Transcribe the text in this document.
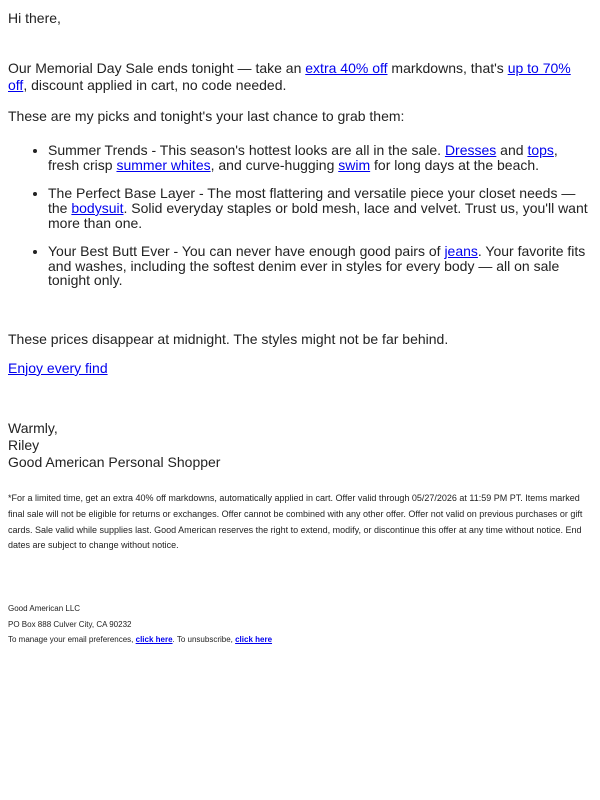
Hi there,

Our Memorial Day Sale ends tonight — take an extra 40% off markdowns, that's up to 70% off, discount applied in cart, no code needed.

These are my picks and tonight's your last chance to grab them:

• Summer Trends - This season's hottest looks are all in the sale. Dresses and tops, fresh crisp summer whites, and curve-hugging swim for long days at the beach.
• The Perfect Base Layer - The most flattering and versatile piece your closet needs — the bodysuit. Solid everyday staples or bold mesh, lace and velvet. Trust us, you'll want more than one.
• Your Best Butt Ever - You can never have enough good pairs of jeans. Your favorite fits and washes, including the softest denim ever in styles for every body — all on sale tonight only.

These prices disappear at midnight. The styles might not be far behind.

Enjoy every find

Warmly,
Riley
Good American Personal Shopper

*For a limited time, get an extra 40% off markdowns, automatically applied in cart. Offer valid through 05/27/2026 at 11:59 PM PT. Items marked final sale will not be eligible for returns or exchanges. Offer cannot be combined with any other offer. Offer not valid on previous purchases or gift cards. Sale valid while supplies last. Good American reserves the right to extend, modify, or discontinue this offer at any time without notice. End dates are subject to change without notice.

Good American LLC
PO Box 888 Culver City, CA 90232
To manage your email preferences, click here. To unsubscribe, click here
